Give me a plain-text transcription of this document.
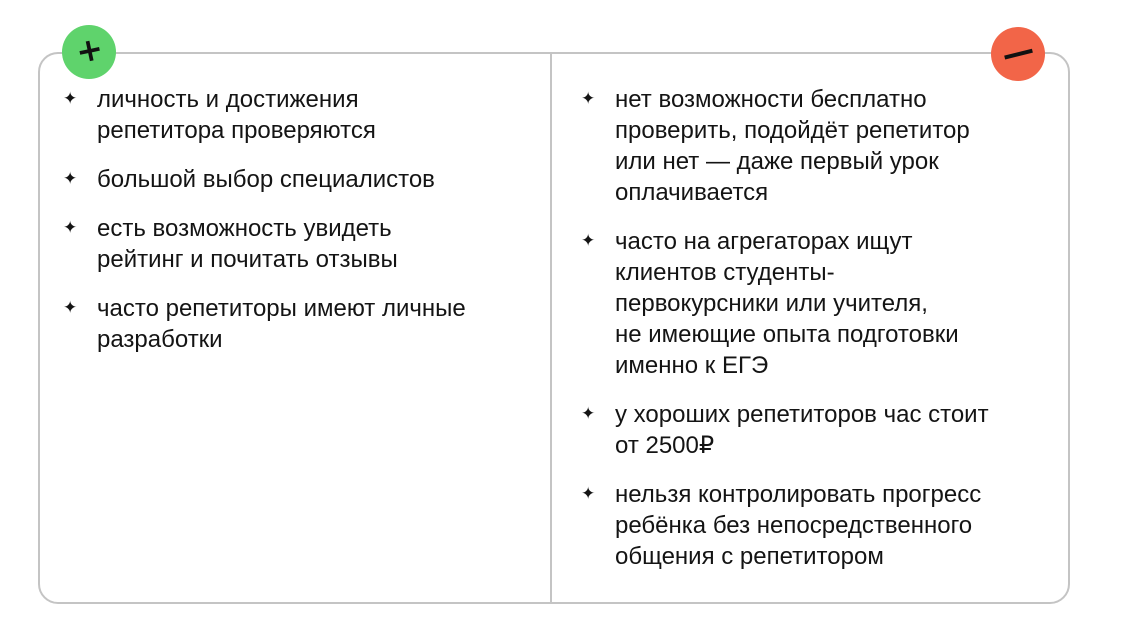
+	—
✦ личность и достижения
репетитора проверяются
✦ большой выбор специалистов
✦ есть возможность увидеть
рейтинг и почитать отзывы
✦ часто репетиторы имеют личные
разработки
✦ нет возможности бесплатно
проверить, подойдёт репетитор
или нет — даже первый урок
оплачивается
✦ часто на агрегаторах ищут
клиентов студенты-
первокурсники или учителя,
не имеющие опыта подготовки
именно к ЕГЭ
✦ у хороших репетиторов час стоит
от 2500₽
✦ нельзя контролировать прогресс
ребёнка без непосредственного
общения с репетитором
